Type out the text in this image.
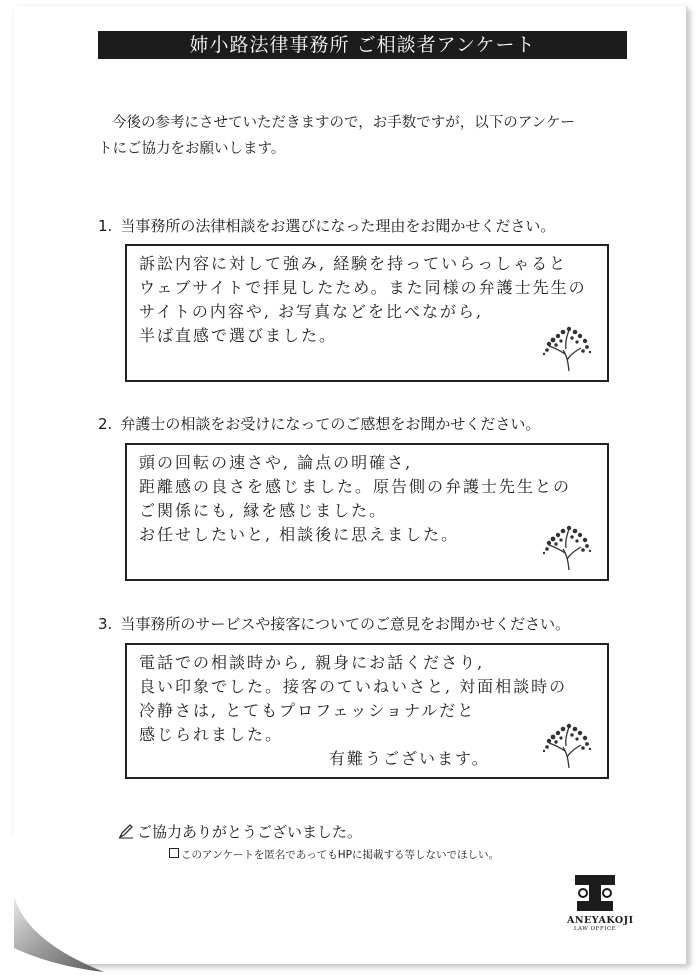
姉小路法律事務所 ご相談者アンケート
今後の参考にさせていただきますので，お手数ですが，以下のアンケー
トにご協力をお願いします。
1. 当事務所の法律相談をお選びになった理由をお聞かせください。
訴訟内容に対して強み, 経験を持っていらっしゃると
ウェブサイトで拝見したため。また同様の弁護士先生の
サイトの内容や, お写真などを比べながら,
半ば直感で選びました。
2. 弁護士の相談をお受けになってのご感想をお聞かせください。
頭の回転の速さや, 論点の明確さ,
距離感の良さを感じました。原告側の弁護士先生との
ご関係にも, 縁を感じました。
お任せしたいと, 相談後に思えました。
3. 当事務所のサービスや接客についてのご意見をお聞かせください。
電話での相談時から, 親身にお話くださり,
良い印象でした。接客のていねいさと, 対面相談時の
冷静さは, とてもプロフェッショナルだと
感じられました。
有難うございます。
ご協力ありがとうございました。
このアンケートを匿名であってもHPに掲載する等しないでほしい。
ANEYAKOJI
LAW OFFICE
